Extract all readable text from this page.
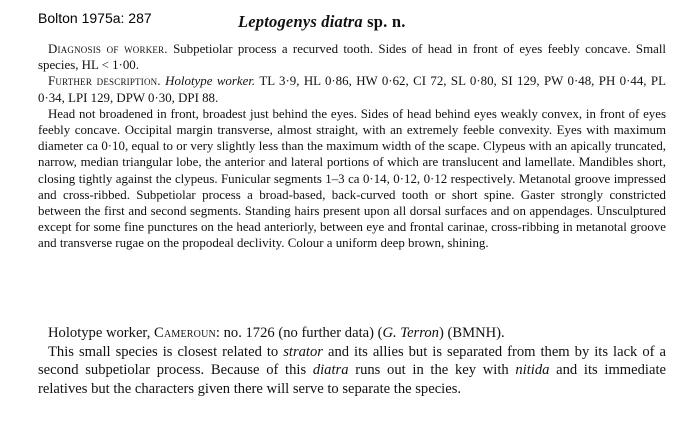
Bolton 1975a: 287	Leptogenys diatra sp. n.

Diagnosis of worker. Subpetiolar process a recurved tooth. Sides of head in front of eyes feebly concave. Small species, HL < 1·00.

Further description. Holotype worker. TL 3·9, HL 0·86, HW 0·62, CI 72, SL 0·80, SI 129, PW 0·48, PH 0·44, PL 0·34, LPI 129, DPW 0·30, DPI 88.

Head not broadened in front, broadest just behind the eyes. Sides of head behind eyes weakly convex, in front of eyes feebly concave. Occipital margin transverse, almost straight, with an extremely feeble convexity. Eyes with maximum diameter ca 0·10, equal to or very slightly less than the maximum width of the scape. Clypeus with an apically truncated, narrow, median triangular lobe, the anterior and lateral portions of which are translucent and lamellate. Mandibles short, closing tightly against the clypeus. Funicular segments 1–3 ca 0·14, 0·12, 0·12 respectively. Metanotal groove impressed and cross-ribbed. Subpetiolar process a broad-based, back-curved tooth or short spine. Gaster strongly constricted between the first and second segments. Standing hairs present upon all dorsal surfaces and on appendages. Unsculptured except for some fine punctures on the head anteriorly, between eye and frontal carinae, cross-ribbing in metanotal groove and transverse rugae on the propodeal declivity. Colour a uniform deep brown, shining.

Holotype worker, Cameroun: no. 1726 (no further data) (G. Terron) (BMNH).

This small species is closest related to strator and its allies but is separated from them by its lack of a second subpetiolar process. Because of this diatra runs out in the key with nitida and its immediate relatives but the characters given there will serve to separate the species.
